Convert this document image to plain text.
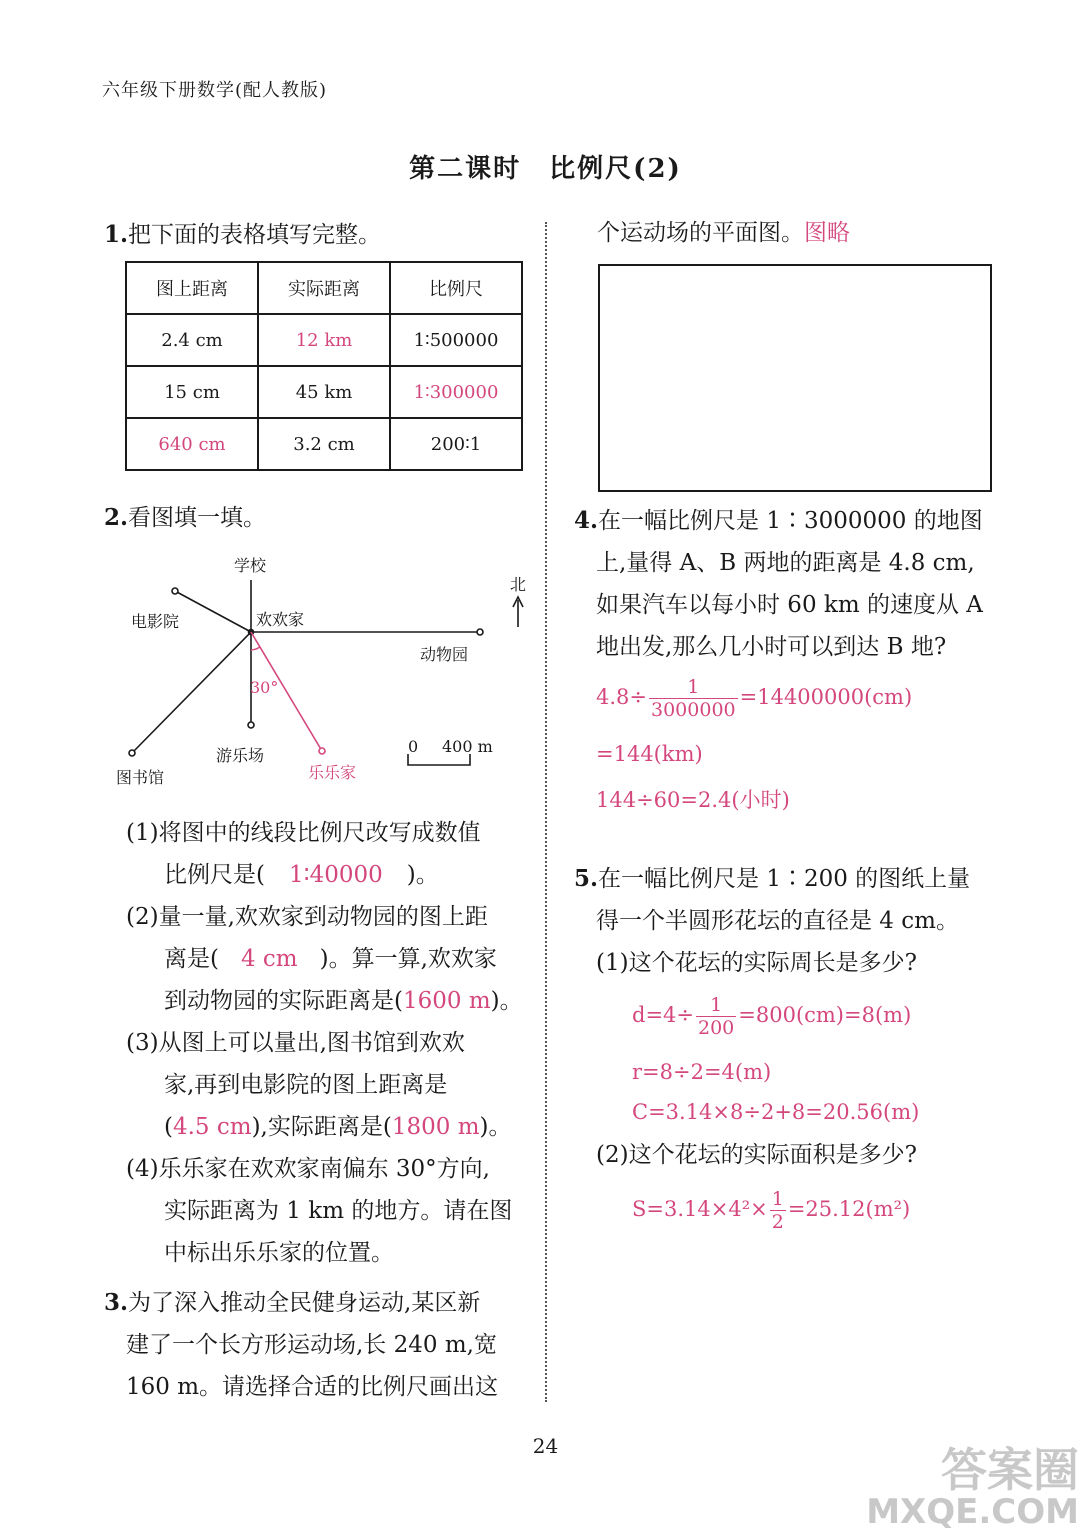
六年级下册数学(配人教版)
第二课时　比例尺(2)
1.把下面的表格填写完整。
图上距离	实际距离	比例尺
2.4 cm	12 km	1∶500000
15 cm	45 km	1∶300000
640 cm	3.2 cm	200∶1
2.看图填一填。
学校
欢欢家
电影院
动物园
北
30°
游乐场
图书馆	乐乐家
0 400 m
(1)将图中的线段比例尺改写成数值
比例尺是( 1∶40000 )。
(2)量一量,欢欢家到动物园的图上距
离是( 4 cm )。算一算,欢欢家
到动物园的实际距离是(1600 m)。
(3)从图上可以量出,图书馆到欢欢
家,再到电影院的图上距离是
(4.5 cm),实际距离是(1800 m)。
(4)乐乐家在欢欢家南偏东 30°方向,
实际距离为 1 km 的地方。请在图
中标出乐乐家的位置。
3.为了深入推动全民健身运动,某区新
建了一个长方形运动场,长 240 m,宽
160 m。请选择合适的比例尺画出这
个运动场的平面图。图略
4.在一幅比例尺是 1∶3000000 的地图
上,量得 A、B 两地的距离是 4.8 cm,
如果汽车以每小时 60 km 的速度从 A
地出发,那么几小时可以到达 B 地?
$4.8\div \frac{1}{3000000} =14400000(cm)$
=144(km)
144÷60=2.4(小时)
5.在一幅比例尺是 1∶200 的图纸上量
得一个半圆形花坛的直径是 4 cm。
(1)这个花坛的实际周长是多少?
$d=4\div \frac{1}{200} =800(cm)=8(m)$
r=8÷2=4(m)
C=3.14×8÷2+8=20.56(m)
(2)这个花坛的实际面积是多少?
$S=3.14\times 4^2\times \frac{1}{2} =25.12(m^2)$
24	答案圈
MXQE.COM
